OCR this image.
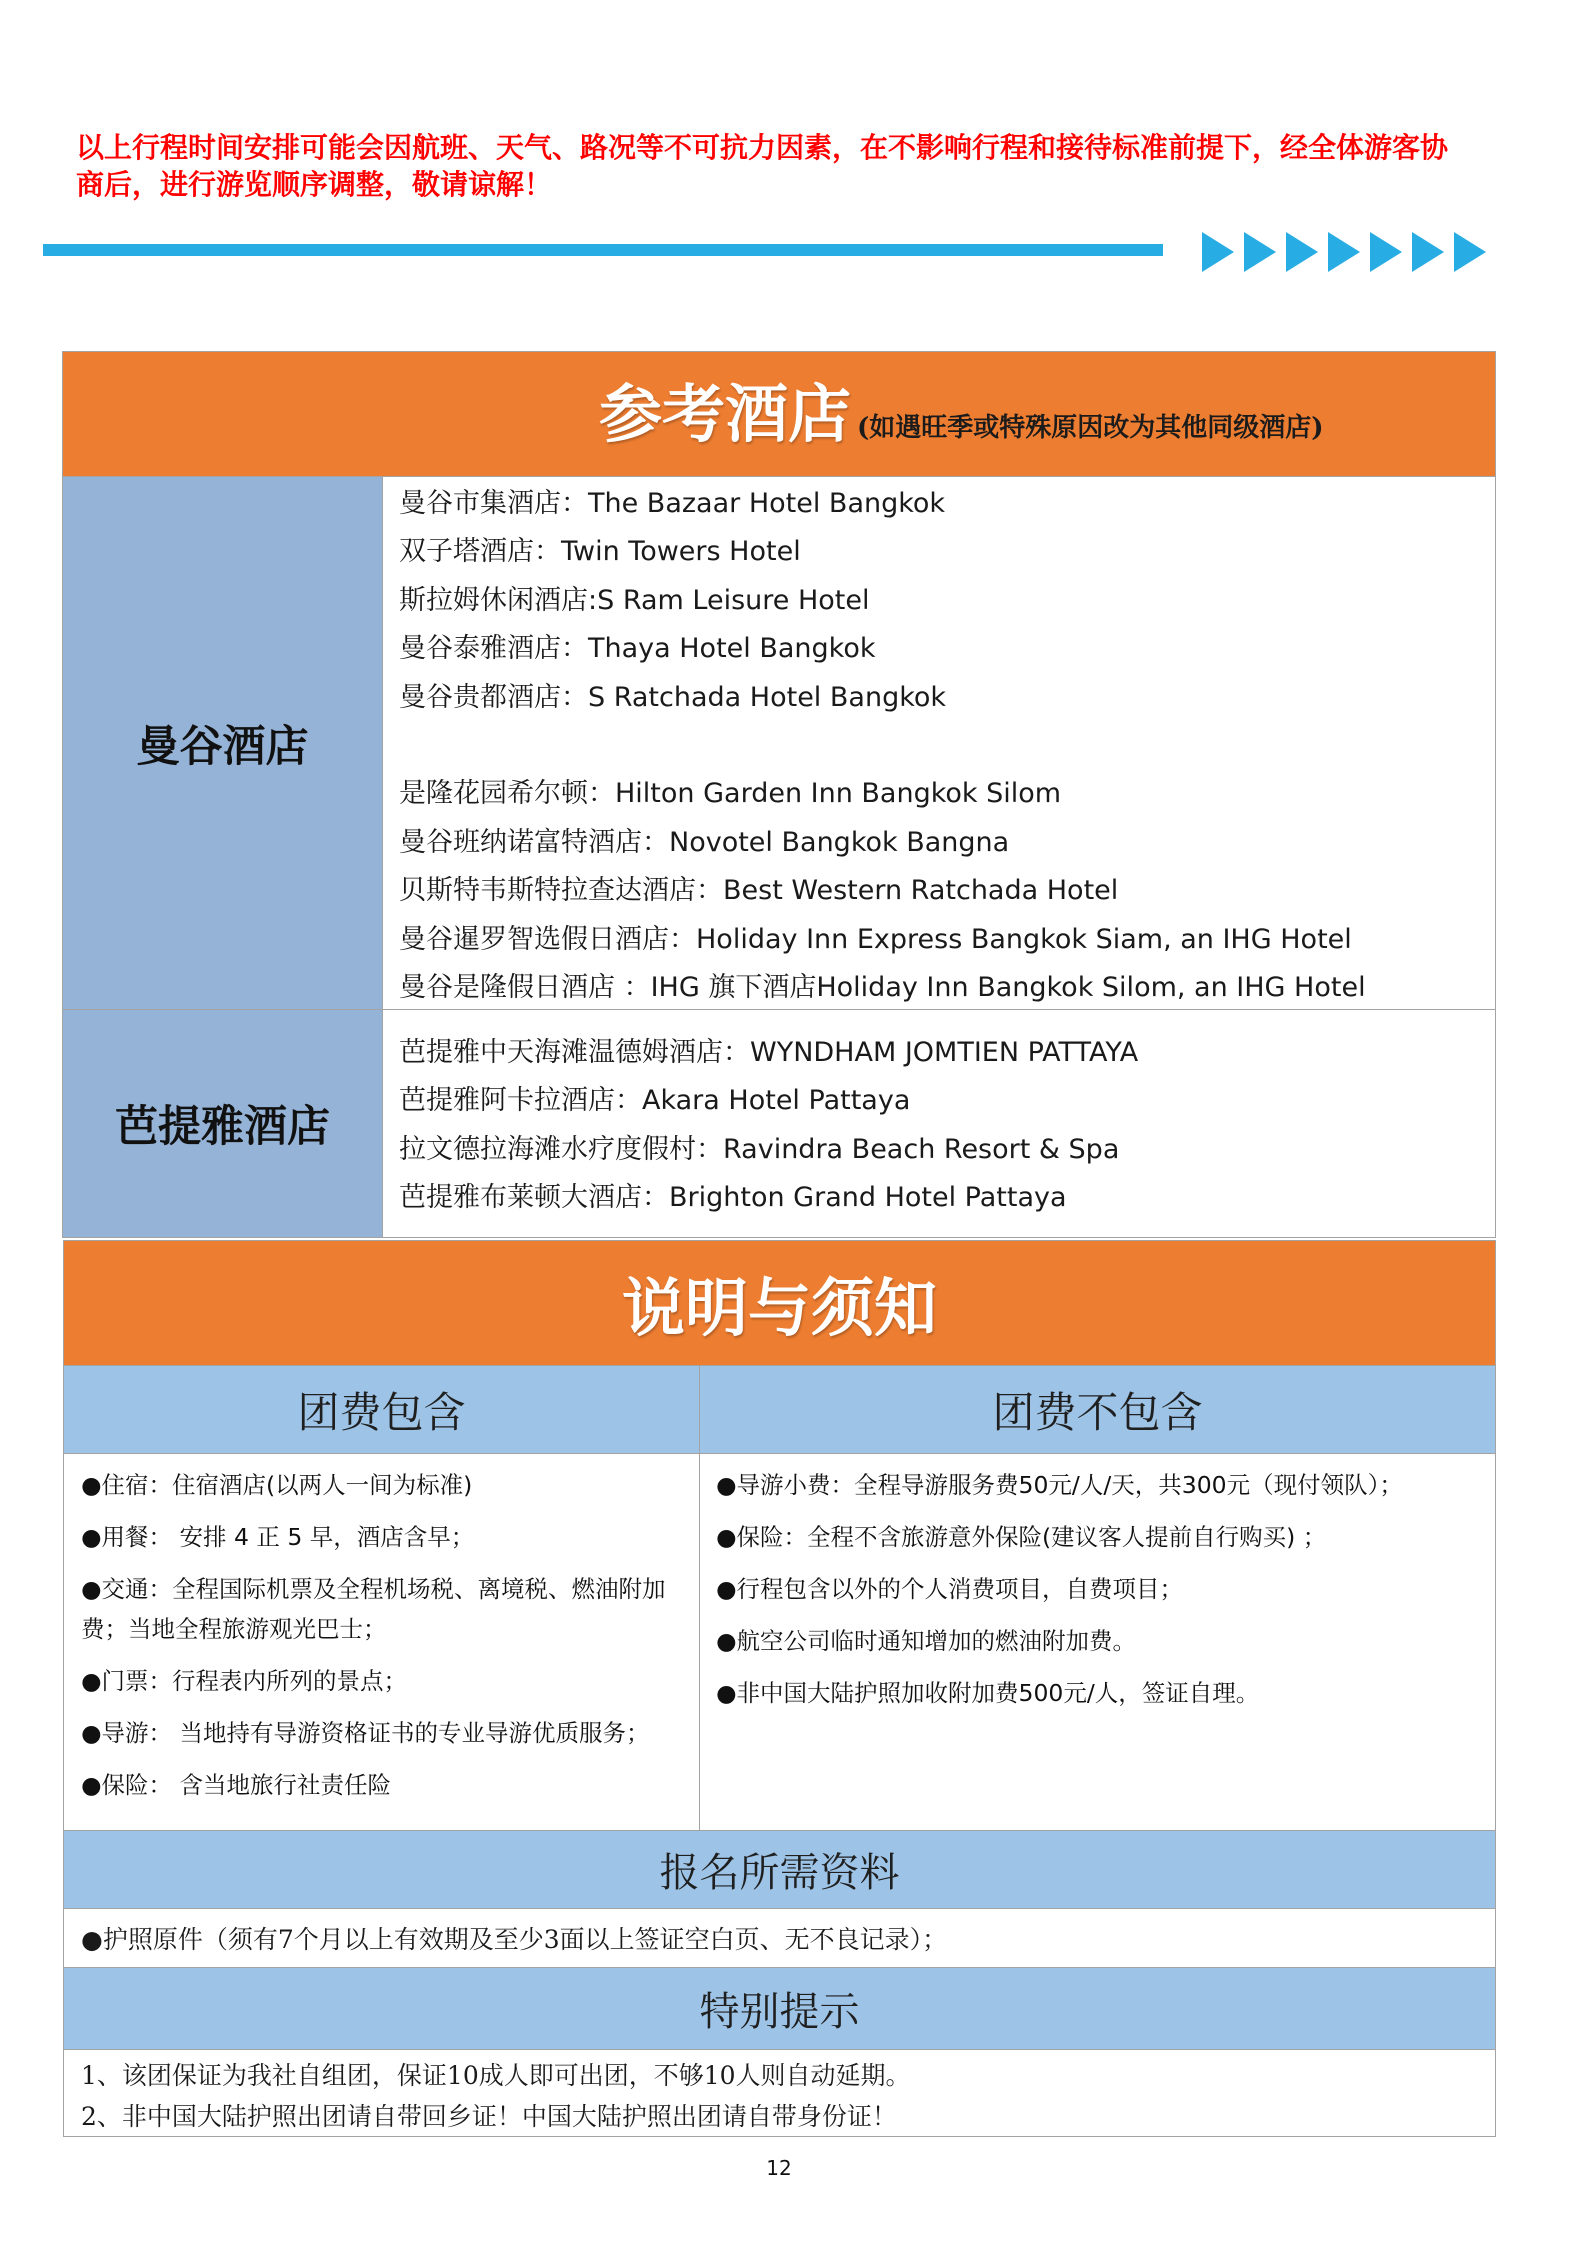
以上行程时间安排可能会因航班、天气、路况等不可抗力因素，在不影响行程和接待标准前提下，经全体游客协
商后，进行游览顺序调整，敬请谅解！
参考酒店 (如遇旺季或特殊原因改为其他同级酒店)
曼谷酒店
曼谷市集酒店：The Bazaar Hotel Bangkok
双子塔酒店：Twin Towers Hotel
斯拉姆休闲酒店:S Ram Leisure Hotel
曼谷泰雅酒店：Thaya Hotel Bangkok
曼谷贵都酒店：S Ratchada Hotel Bangkok
是隆花园希尔顿：Hilton Garden Inn Bangkok Silom
曼谷班纳诺富特酒店：Novotel Bangkok Bangna
贝斯特韦斯特拉查达酒店：Best Western Ratchada Hotel
曼谷暹罗智选假日酒店：Holiday Inn Express Bangkok Siam, an IHG Hotel
曼谷是隆假日酒店 ：IHG 旗下酒店Holiday Inn Bangkok Silom, an IHG Hotel
芭提雅酒店
芭提雅中天海滩温德姆酒店：WYNDHAM JOMTIEN PATTAYA
芭提雅阿卡拉酒店：Akara Hotel Pattaya
拉文德拉海滩水疗度假村：Ravindra Beach Resort & Spa
芭提雅布莱顿大酒店：Brighton Grand Hotel Pattaya
说明与须知
团费包含	团费不包含
●住宿：住宿酒店(以两人一间为标准)
●用餐： 安排 4 正 5 早，酒店含早；
●交通：全程国际机票及全程机场税、离境税、燃油附加费；当地全程旅游观光巴士；
●门票：行程表内所列的景点；
●导游： 当地持有导游资格证书的专业导游优质服务；
●保险： 含当地旅行社责任险
●导游小费：全程导游服务费50元/人/天，共300元（现付领队）；
●保险：全程不含旅游意外保险(建议客人提前自行购买) ；
●行程包含以外的个人消费项目，自费项目；
●航空公司临时通知增加的燃油附加费。
●非中国大陆护照加收附加费500元/人，签证自理。
报名所需资料
●护照原件（须有7个月以上有效期及至少3面以上签证空白页、无不良记录）；
特别提示
1、该团保证为我社自组团，保证10成人即可出团，不够10人则自动延期。
2、非中国大陆护照出团请自带回乡证！中国大陆护照出团请自带身份证！
12
